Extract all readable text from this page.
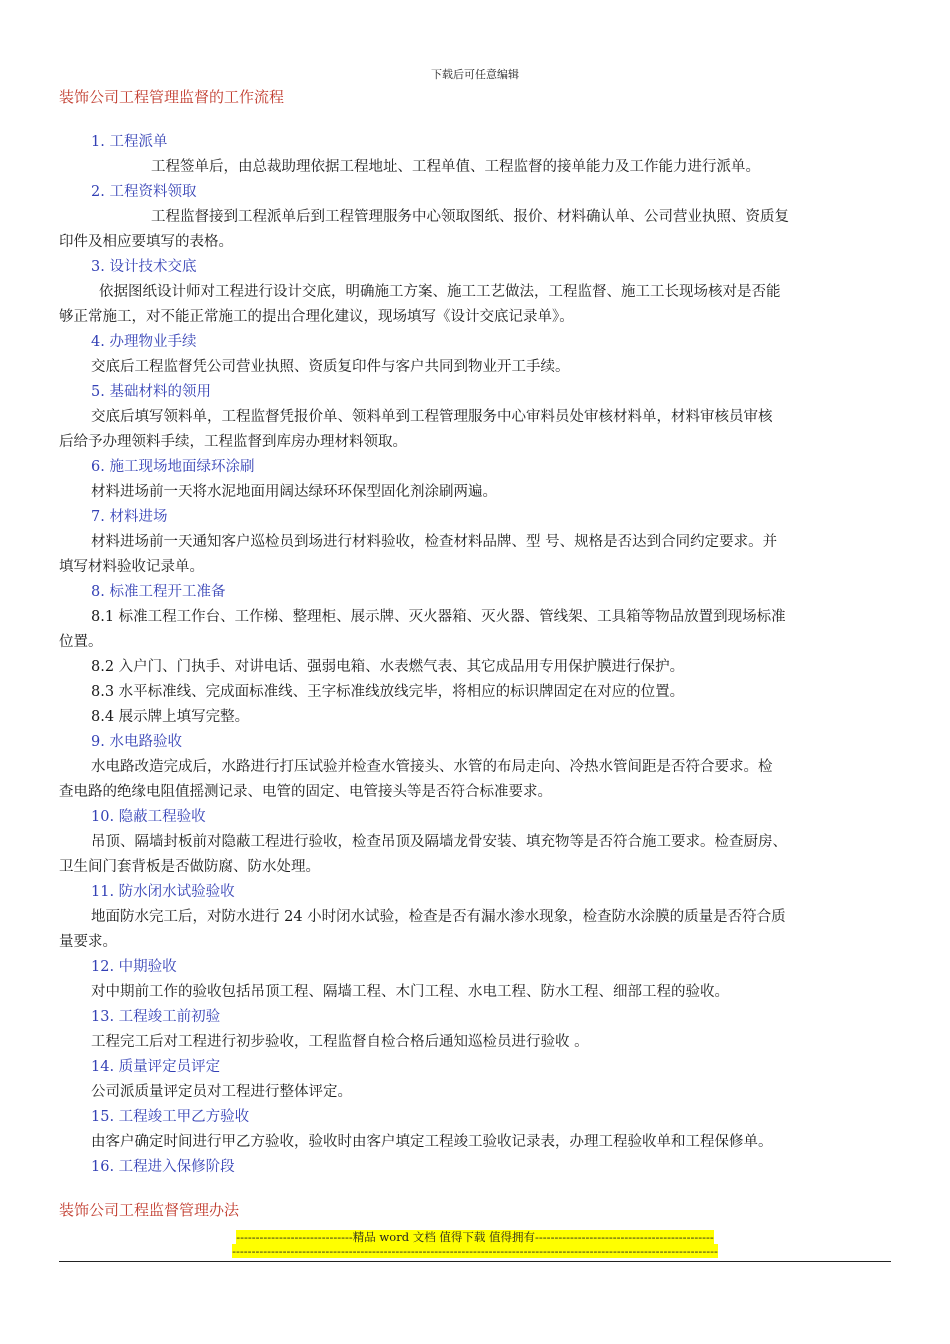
下载后可任意编辑
装饰公司工程管理监督的工作流程
1. 工程派单
工程签单后，由总裁助理依据工程地址、工程单值、工程监督的接单能力及工作能力进行派单。
2. 工程资料领取
工程监督接到工程派单后到工程管理服务中心领取图纸、报价、材料确认单、公司营业执照、资质复
印件及相应要填写的表格。
3. 设计技术交底
依据图纸设计师对工程进行设计交底，明确施工方案、施工工艺做法，工程监督、施工工长现场核对是否能
够正常施工，对不能正常施工的提出合理化建议，现场填写《设计交底记录单》。
4. 办理物业手续
交底后工程监督凭公司营业执照、资质复印件与客户共同到物业开工手续。
5. 基础材料的领用
交底后填写领料单，工程监督凭报价单、领料单到工程管理服务中心审料员处审核材料单，材料审核员审核
后给予办理领料手续，工程监督到库房办理材料领取。
6. 施工现场地面绿环涂刷
材料进场前一天将水泥地面用阔达绿环环保型固化剂涂刷两遍。
7. 材料进场
材料进场前一天通知客户巡检员到场进行材料验收，检查材料品牌、型 号、规格是否达到合同约定要求。并
填写材料验收记录单。
8. 标准工程开工准备
8.1 标准工程工作台、工作梯、整理柜、展示牌、灭火器箱、灭火器、管线架、工具箱等物品放置到现场标准
位置。
8.2 入户门、门执手、对讲电话、强弱电箱、水表燃气表、其它成品用专用保护膜进行保护。
8.3 水平标准线、完成面标准线、王字标准线放线完毕，将相应的标识牌固定在对应的位置。
8.4 展示牌上填写完整。
9. 水电路验收
水电路改造完成后，水路进行打压试验并检查水管接头、水管的布局走向、冷热水管间距是否符合要求。检
查电路的绝缘电阻值摇测记录、电管的固定、电管接头等是否符合标准要求。
10. 隐蔽工程验收
吊顶、隔墙封板前对隐蔽工程进行验收，检查吊顶及隔墙龙骨安装、填充物等是否符合施工要求。检查厨房、
卫生间门套背板是否做防腐、防水处理。
11. 防水闭水试验验收
地面防水完工后，对防水进行 24 小时闭水试验，检查是否有漏水渗水现象，检查防水涂膜的质量是否符合质
量要求。
12. 中期验收
对中期前工作的验收包括吊顶工程、隔墙工程、木门工程、水电工程、防水工程、细部工程的验收。
13. 工程竣工前初验
工程完工后对工程进行初步验收，工程监督自检合格后通知巡检员进行验收 。
14. 质量评定员评定
公司派质量评定员对工程进行整体评定。
15. 工程竣工甲乙方验收
由客户确定时间进行甲乙方验收，验收时由客户填定工程竣工验收记录表，办理工程验收单和工程保修单。
16. 工程进入保修阶段
装饰公司工程监督管理办法
------------------------------精品 word 文档 值得下载 值得拥有----------------------------------------------
-----------------------------------------------------------------------------------------------------------------------------
